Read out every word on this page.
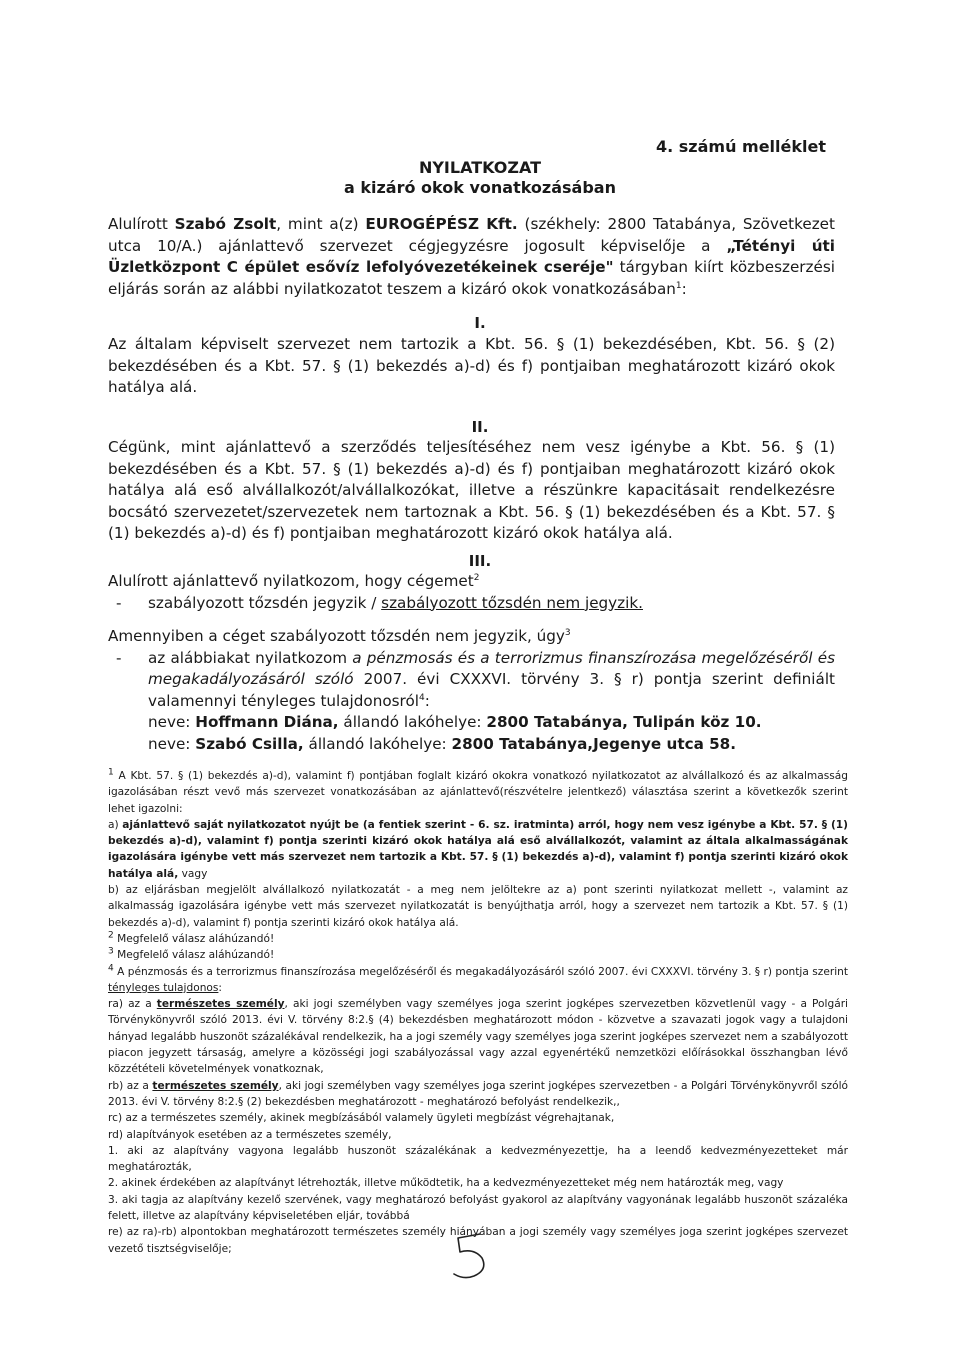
4. számú melléklet
NYILATKOZAT
a kizáró okok vonatkozásában
Alulírott Szabó Zsolt, mint a(z) EUROGÉPÉSZ Kft. (székhely: 2800 Tatabánya, Szövetkezet utca 10/A.) ajánlattevő szervezet cégjegyzésre jogosult képviselője a „Tétényi úti Üzletközpont C épület esővíz lefolyóvezetékeinek cseréje" tárgyban kiírt közbeszerzési eljárás során az alábbi nyilatkozatot teszem a kizáró okok vonatkozásában$^1$:
I.
Az általam képviselt szervezet nem tartozik a Kbt. 56. § (1) bekezdésében, Kbt. 56. § (2) bekezdésében és a Kbt. 57. § (1) bekezdés a)-d) és f) pontjaiban meghatározott kizáró okok hatálya alá.
II.
Cégünk, mint ajánlattevő a szerződés teljesítéséhez nem vesz igénybe a Kbt. 56. § (1) bekezdésében és a Kbt. 57. § (1) bekezdés a)-d) és f) pontjaiban meghatározott kizáró okok hatálya alá eső alvállalkozót/alvállalkozókat, illetve a részünkre kapacitásait rendelkezésre bocsátó szervezetet/szervezetek nem tartoznak a Kbt. 56. § (1) bekezdésében és a Kbt. 57. § (1) bekezdés a)-d) és f) pontjaiban meghatározott kizáró okok hatálya alá.
III.
Alulírott ajánlattevő nyilatkozom, hogy cégemet$^2$
- szabályozott tőzsdén jegyzik / szabályozott tőzsdén nem jegyzik.
Amennyiben a céget szabályozott tőzsdén nem jegyzik, úgy$^3$
- az alábbiakat nyilatkozom a pénzmosás és a terrorizmus finanszírozása megelőzéséről és megakadályozásáról szóló 2007. évi CXXXVI. törvény 3. § r) pontja szerint definiált valamennyi tényleges tulajdonosról$^4$:
neve: Hoffmann Diána, állandó lakóhelye: 2800 Tatabánya, Tulipán köz 10.
neve: Szabó Csilla, állandó lakóhelye: 2800 Tatabánya,Jegenye utca 58.

$^1$ A Kbt. 57. § (1) bekezdés a)-d), valamint f) pontjában foglalt kizáró okokra vonatkozó nyilatkozatot az alvállalkozó és az alkalmasság igazolásában részt vevő más szervezet vonatkozásában az ajánlattevő(részvételre jelentkező) választása szerint a következők szerint lehet igazolni:

a) ajánlattevő saját nyilatkozatot nyújt be (a fentiek szerint - 6. sz. iratminta) arról, hogy nem vesz igénybe a Kbt. 57. § (1) bekezdés a)-d), valamint f) pontja szerinti kizáró okok hatálya alá eső alvállalkozót, valamint az általa alkalmasságának igazolására igénybe vett más szervezet nem tartozik a Kbt. 57. § (1) bekezdés a)-d), valamint f) pontja szerinti kizáró okok hatálya alá, vagy

b) az eljárásban megjelölt alvállalkozó nyilatkozatát - a meg nem jelöltekre az a) pont szerinti nyilatkozat mellett -, valamint az alkalmasság igazolására igénybe vett más szervezet nyilatkozatát is benyújthatja arról, hogy a szervezet nem tartozik a Kbt. 57. § (1) bekezdés a)-d), valamint f) pontja szerinti kizáró okok hatálya alá.

$^2$ Megfelelő válasz aláhúzandó!

$^3$ Megfelelő válasz aláhúzandó!

$^4$ A pénzmosás és a terrorizmus finanszírozása megelőzéséről és megakadályozásáról szóló 2007. évi CXXXVI. törvény 3. § r) pontja szerint tényleges tulajdonos:

ra) az a természetes személy, aki jogi személyben vagy személyes joga szerint jogképes szervezetben közvetlenül vagy - a Polgári Törvénykönyvről szóló 2013. évi V. törvény 8:2.§ (4) bekezdésben meghatározott módon - közvetve a szavazati jogok vagy a tulajdoni hányad legalább huszonöt százalékával rendelkezik, ha a jogi személy vagy személyes joga szerint jogképes szervezet nem a szabályozott piacon jegyzett társaság, amelyre a közösségi jogi szabályozással vagy azzal egyenértékű nemzetközi előírásokkal összhangban lévő közzétételi követelmények vonatkoznak,

rb) az a természetes személy, aki jogi személyben vagy személyes joga szerint jogképes szervezetben - a Polgári Törvénykönyvről szóló 2013. évi V. törvény 8:2.§ (2) bekezdésben meghatározott - meghatározó befolyást rendelkezik,,

rc) az a természetes személy, akinek megbízásából valamely ügyleti megbízást végrehajtanak,

rd) alapítványok esetében az a természetes személy,

1. aki az alapítvány vagyona legalább huszonöt százalékának a kedvezményezettje, ha a leendő kedvezményezetteket már meghatározták,

2. akinek érdekében az alapítványt létrehozták, illetve működtetik, ha a kedvezményezetteket még nem határozták meg, vagy

3. aki tagja az alapítvány kezelő szervének, vagy meghatározó befolyást gyakorol az alapítvány vagyonának legalább huszonöt százaléka felett, illetve az alapítvány képviseletében eljár, továbbá

re) az ra)-rb) alpontokban meghatározott természetes személy hiányában a jogi személy vagy személyes joga szerint jogképes szervezet vezető tisztségviselője;
